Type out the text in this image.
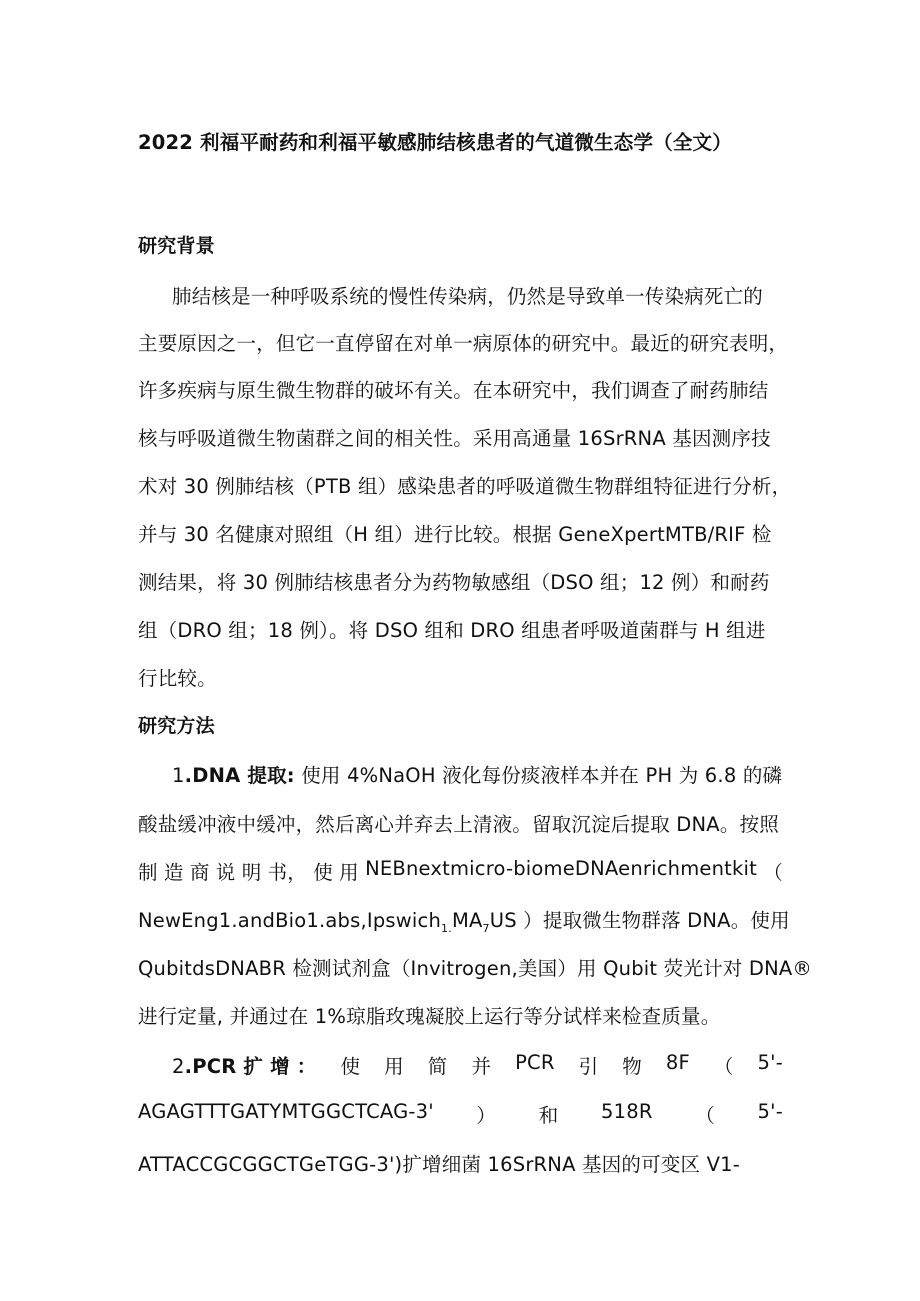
2022 利福平耐药和利福平敏感肺结核患者的气道微生态学（全文）
研究背景
肺结核是一种呼吸系统的慢性传染病，仍然是导致单一传染病死亡的
主要原因之一，但它一直停留在对单一病原体的研究中。最近的研究表明，
许多疾病与原生微生物群的破坏有关。在本研究中，我们调查了耐药肺结
核与呼吸道微生物菌群之间的相关性。采用高通量 16SrRNA 基因测序技
术对 30 例肺结核（PTB 组）感染患者的呼吸道微生物群组特征进行分析，
并与 30 名健康对照组（H 组）进行比较。根据 GeneXpertMTB/RIF 检
测结果，将 30 例肺结核患者分为药物敏感组（DSO 组；12 例）和耐药
组（DRO 组；18 例）。将 DSO 组和 DRO 组患者呼吸道菌群与 H 组进
行比较。
研究方法
1.DNA 提取: 使用 4%NaOH 液化每份痰液样本并在 PH 为 6.8 的磷
酸盐缓冲液中缓冲，然后离心并弃去上清液。留取沉淀后提取 DNA。按照
制 造 商 说 明 书， 使 用 NEBnextmicro-biomeDNAenrichmentkit （
$NewEng1.andBio1.abs,Ipswich_{1.}MA_7US$ ）提取微生物群落 DNA。使用
QubitdsDNABR 检测试剂盒（Invitrogen,美国）用 Qubit 荧光计对 DNA®
进行定量, 并通过在 1%琼脂玫瑰凝胶上运行等分试样来检查质量。
2.PCR 扩 增 ： 使 用 简 并 PCR 引 物 8F （ 5'-
AGAGTTTGATYMTGGCTCAG-3' ） 和 518R （ 5'-
ATTACCGCGGCTGeTGG-3')扩增细菌 16SrRNA 基因的可变区 V1-
